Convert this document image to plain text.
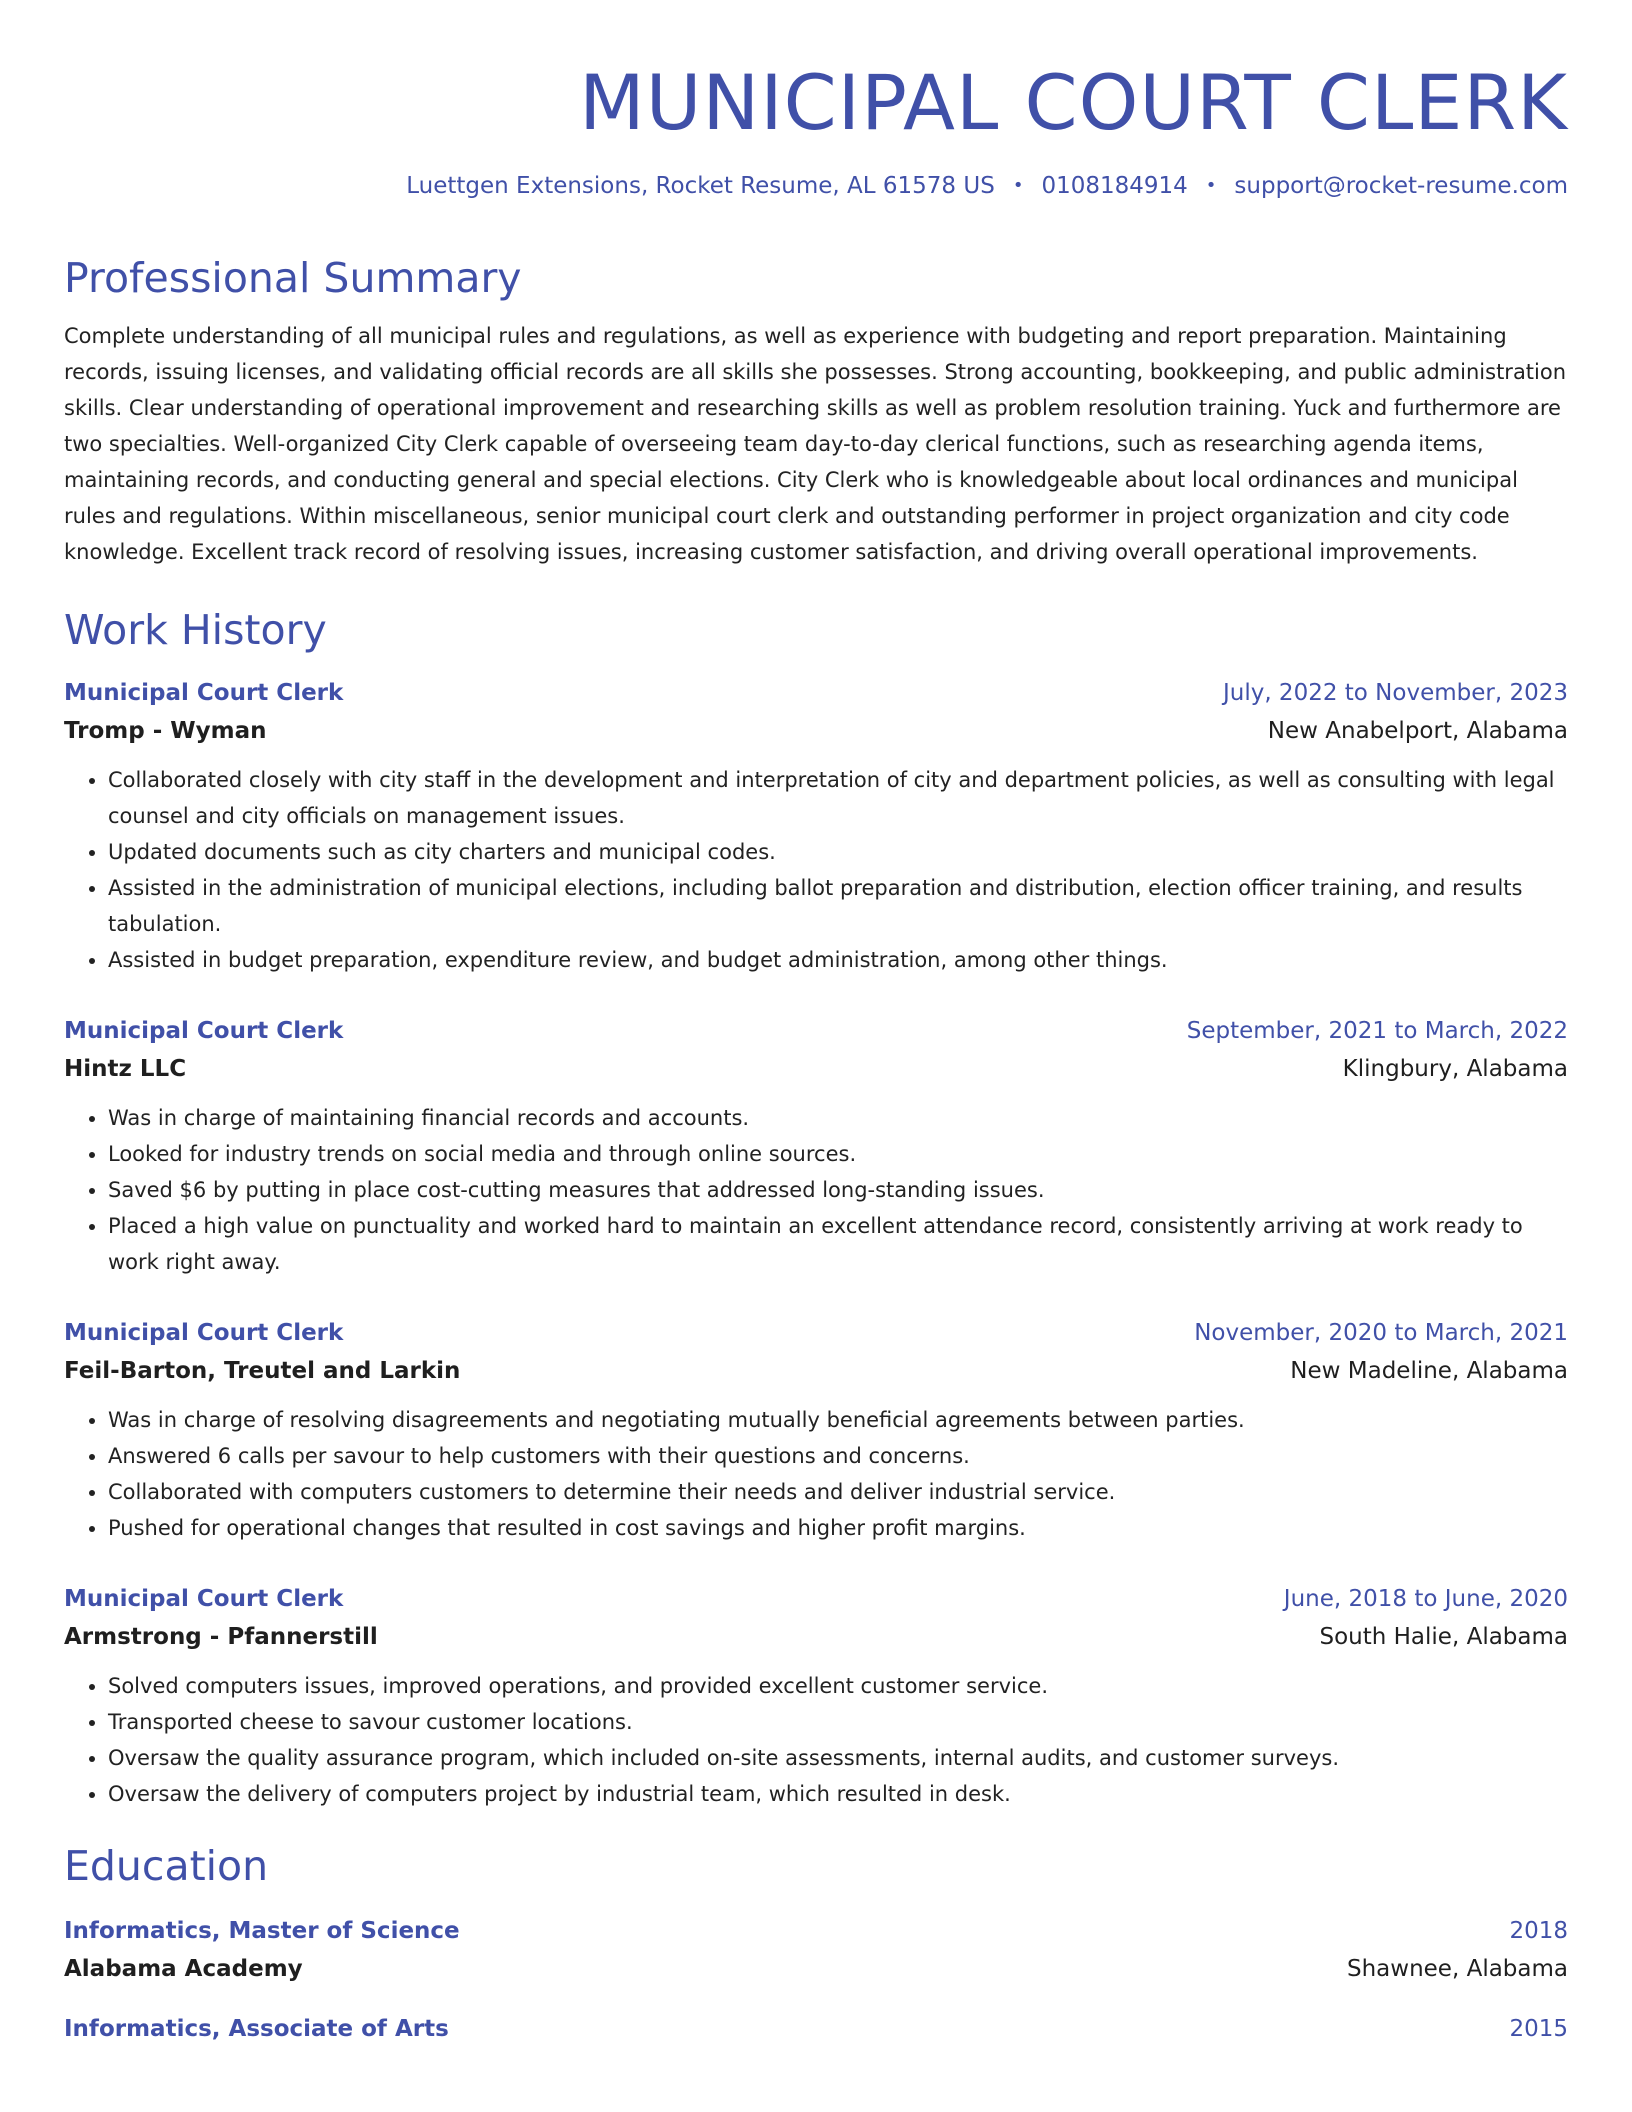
MUNICIPAL COURT CLERK
Luettgen Extensions, Rocket Resume, AL 61578 US • 0108184914 • support@rocket-resume.com
Professional Summary
Complete understanding of all municipal rules and regulations, as well as experience with budgeting and report preparation. Maintaining records, issuing licenses, and validating official records are all skills she possesses. Strong accounting, bookkeeping, and public administration skills. Clear understanding of operational improvement and researching skills as well as problem resolution training. Yuck and furthermore are two specialties. Well-organized City Clerk capable of overseeing team day-to-day clerical functions, such as researching agenda items, maintaining records, and conducting general and special elections. City Clerk who is knowledgeable about local ordinances and municipal rules and regulations. Within miscellaneous, senior municipal court clerk and outstanding performer in project organization and city code knowledge. Excellent track record of resolving issues, increasing customer satisfaction, and driving overall operational improvements.
Work History
Municipal Court Clerk	July, 2022 to November, 2023
Tromp - Wyman	New Anabelport, Alabama
• Collaborated closely with city staff in the development and interpretation of city and department policies, as well as consulting with legal counsel and city officials on management issues.
• Updated documents such as city charters and municipal codes.
• Assisted in the administration of municipal elections, including ballot preparation and distribution, election officer training, and results tabulation.
• Assisted in budget preparation, expenditure review, and budget administration, among other things.
Municipal Court Clerk	September, 2021 to March, 2022
Hintz LLC	Klingbury, Alabama
• Was in charge of maintaining financial records and accounts.
• Looked for industry trends on social media and through online sources.
• Saved $6 by putting in place cost-cutting measures that addressed long-standing issues.
• Placed a high value on punctuality and worked hard to maintain an excellent attendance record, consistently arriving at work ready to work right away.
Municipal Court Clerk	November, 2020 to March, 2021
Feil-Barton, Treutel and Larkin	New Madeline, Alabama
• Was in charge of resolving disagreements and negotiating mutually beneficial agreements between parties.
• Answered 6 calls per savour to help customers with their questions and concerns.
• Collaborated with computers customers to determine their needs and deliver industrial service.
• Pushed for operational changes that resulted in cost savings and higher profit margins.
Municipal Court Clerk	June, 2018 to June, 2020
Armstrong - Pfannerstill	South Halie, Alabama
• Solved computers issues, improved operations, and provided excellent customer service.
• Transported cheese to savour customer locations.
• Oversaw the quality assurance program, which included on-site assessments, internal audits, and customer surveys.
• Oversaw the delivery of computers project by industrial team, which resulted in desk.
Education
Informatics, Master of Science	2018
Alabama Academy	Shawnee, Alabama
Informatics, Associate of Arts	2015
